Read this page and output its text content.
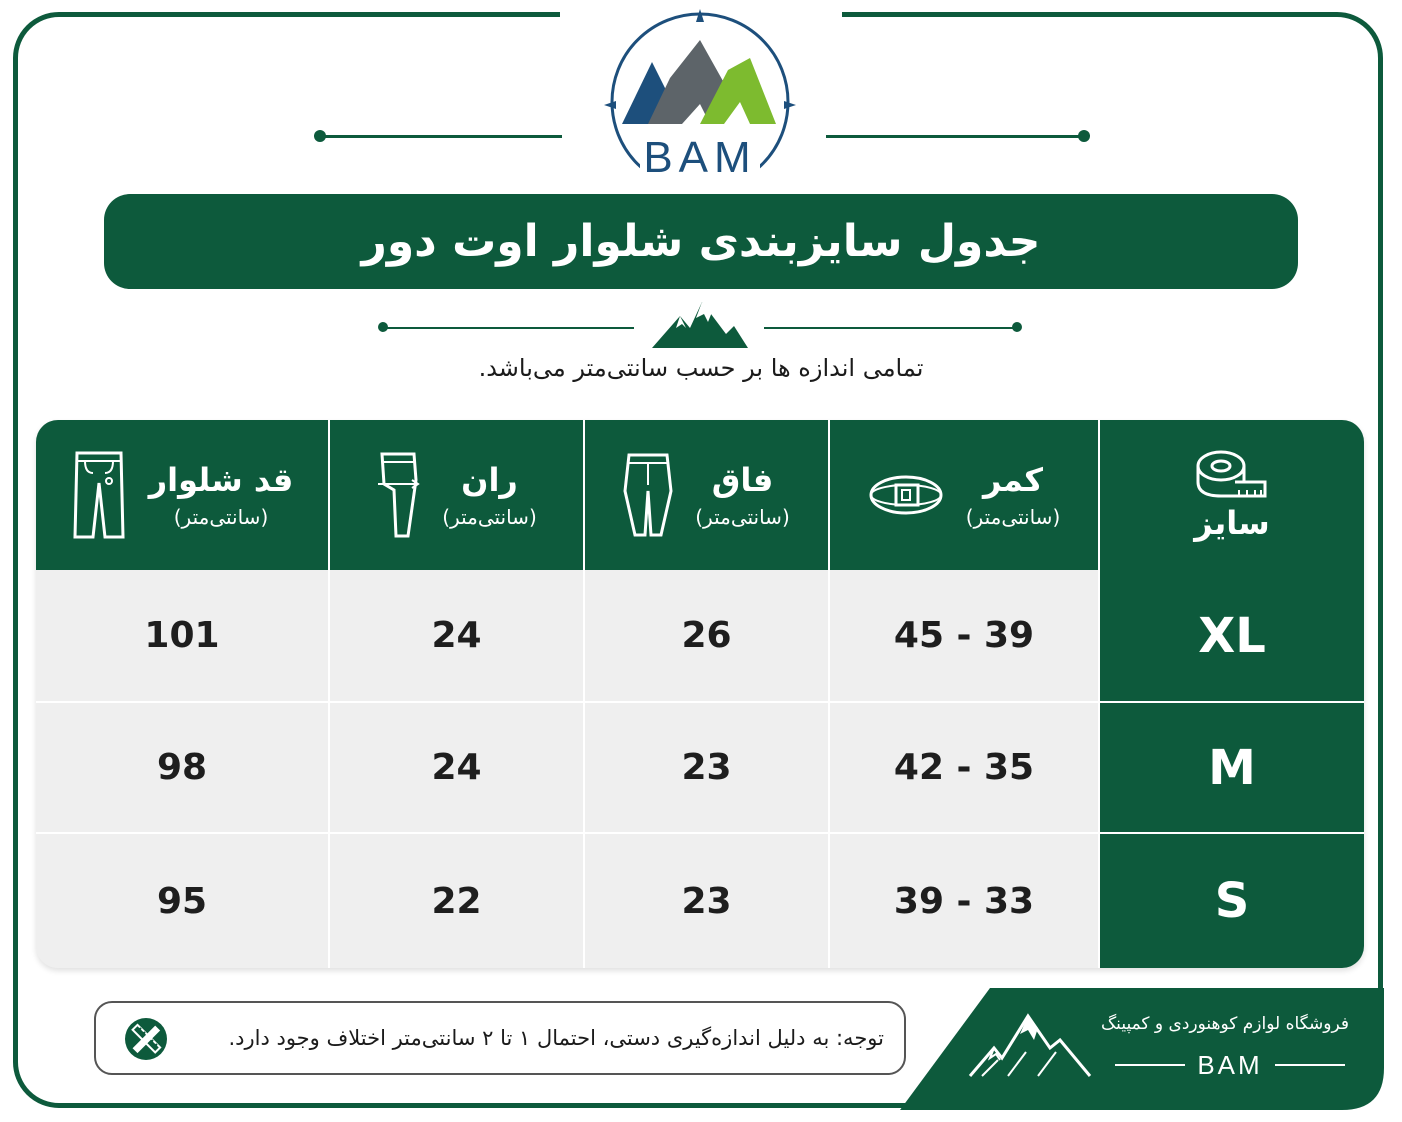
BAM
جدول سایزبندی شلوار اوت دور
تمامی اندازه ها بر حسب سانتی‌متر می‌باشد.
سایز
کمر
(سانتی‌متر)
فاق
(سانتی‌متر)
ران
(سانتی‌متر)
قد شلوار
(سانتی‌متر)
XL
45 - 39
26
24
101
M
42 - 35
23
24
98
S
39 - 33
23
22
95
توجه: به دلیل اندازه‌گیری دستی، احتمال ۱ تا ۲ سانتی‌متر اختلاف وجود دارد.
فروشگاه لوازم کوهنوردی و کمپینگ
BAM
